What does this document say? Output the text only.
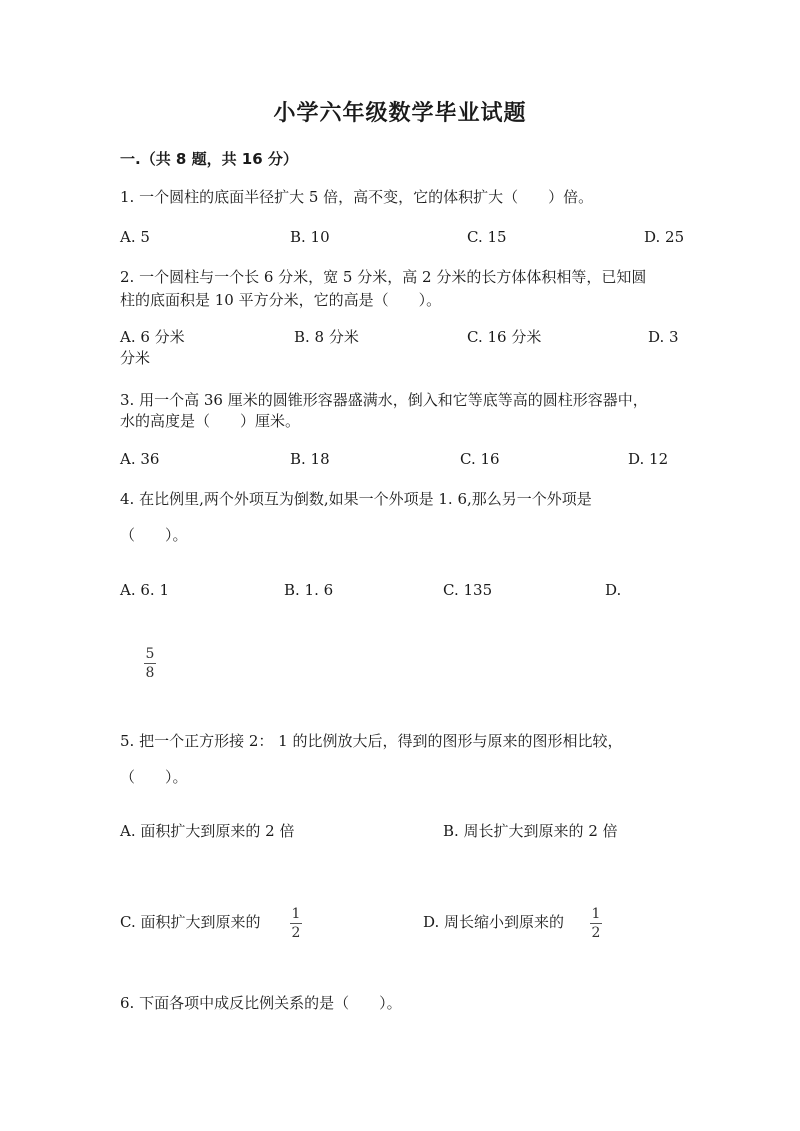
小学六年级数学毕业试题
一.（共 8 题，共 16 分）
1. 一个圆柱的底面半径扩大 5 倍，高不变，它的体积扩大（　　）倍。
A. 5	B. 10	C. 15	D. 25
2. 一个圆柱与一个长 6 分米，宽 5 分米，高 2 分米的长方体体积相等，已知圆
柱的底面积是 10 平方分米，它的高是（　　）。
A. 6 分米	B. 8 分米	C. 16 分米	D. 3
分米
3. 用一个高 36 厘米的圆锥形容器盛满水，倒入和它等底等高的圆柱形容器中，
水的高度是（　　）厘米。
A. 36	B. 18	C. 16	D. 12
4. 在比例里,两个外项互为倒数,如果一个外项是 1. 6,那么另一个外项是
（　　）。
A. 6. 1	B. 1. 6	C. 135	D.
5
8
5. 把一个正方形接 2： 1 的比例放大后，得到的图形与原来的图形相比较，
（　　）。
A. 面积扩大到原来的 2 倍	B. 周长扩大到原来的 2 倍
C. 面积扩大到原来的 1
2
D. 周长缩小到原来的 1
2
6. 下面各项中成反比例关系的是（　　）。
